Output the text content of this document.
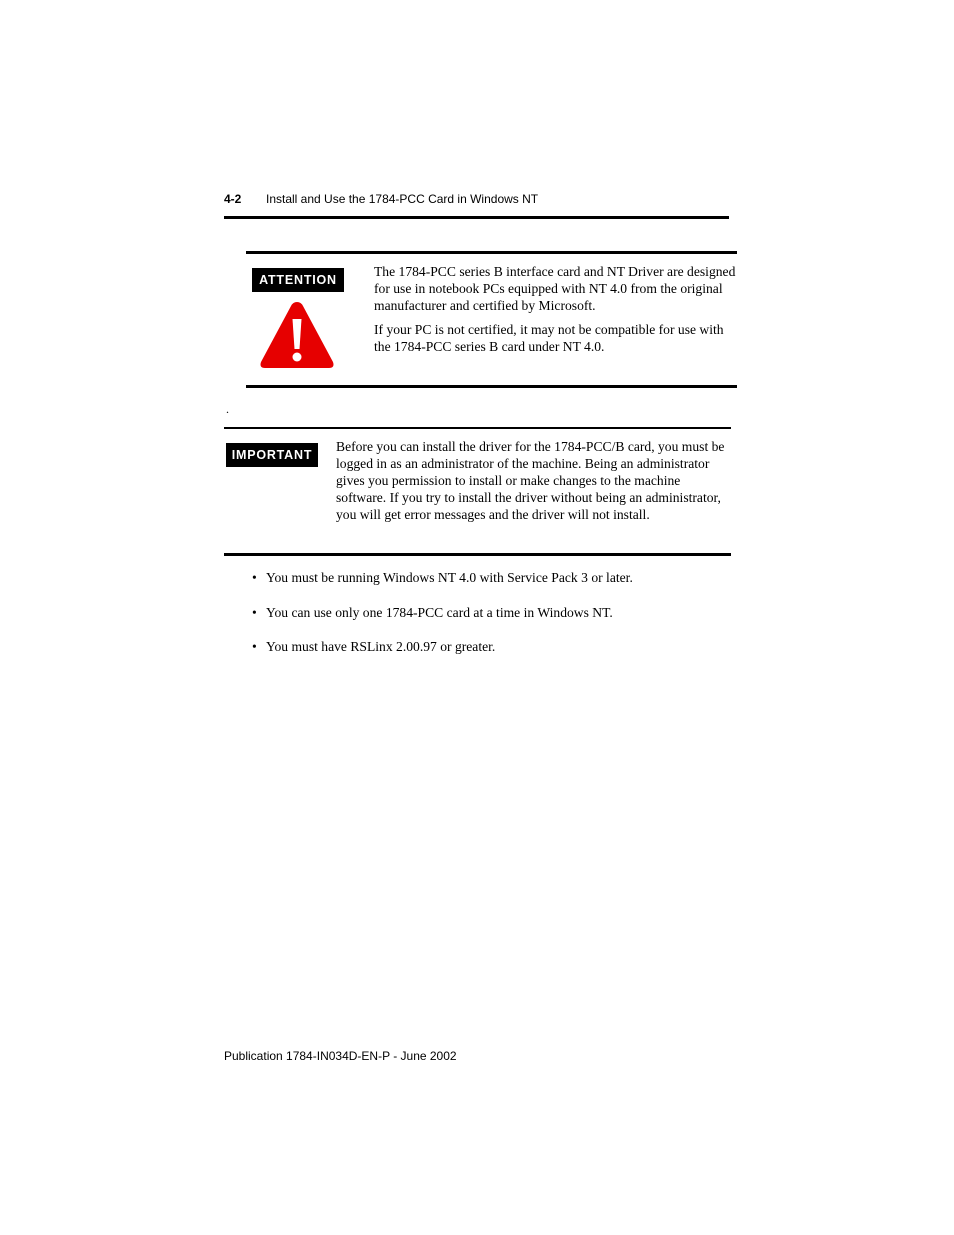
4-2 Install and Use the 1784-PCC Card in Windows NT
ATTENTION

The 1784-PCC series B interface card and NT Driver are designed for use in notebook PCs equipped with NT 4.0 from the original manufacturer and certified by Microsoft.

If your PC is not certified, it may not be compatible for use with the 1784-PCC series B card under NT 4.0.

.
IMPORTANT

Before you can install the driver for the 1784-PCC/B card, you must be logged in as an administrator of the machine. Being an administrator gives you permission to install or make changes to the machine software. If you try to install the driver without being an administrator, you will get error messages and the driver will not install.

• You must be running Windows NT 4.0 with Service Pack 3 or later.
• You can use only one 1784-PCC card at a time in Windows NT.
• You must have RSLinx 2.00.97 or greater.
Publication 1784-IN034D-EN-P - June 2002
